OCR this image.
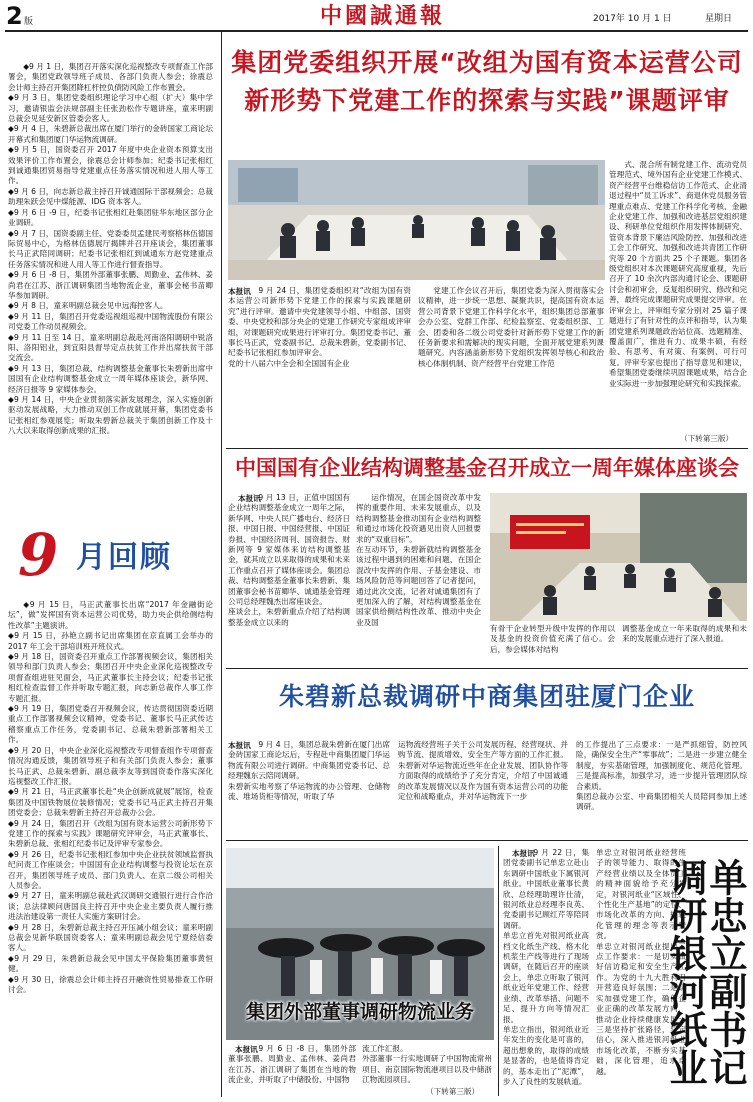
2 版	中國誠通報	2017年 10 月 1 日	星期日
◆9 月 1 日，集团召开落实深化巡视整改专项督查工作部署会，集团党政领导班子成员、各部门负责人参会；徐震总会计师主持召开集团降杠杆控负债防风险工作布置会。
◆9 月 3 日，集团党委组织理论学习中心组（扩大）集中学习，邀请银监会法规部副主任张劲松作专题讲座，童来明副总裁会见延安新区管委会客人。
◆9 月 4 日，朱碧新总裁出席在厦门举行的金砖国家工商论坛开幕式和集团厦门华运物流调研。
◆9 月 5 日，国资委召开 2017 年度中央企业资本预算支出效果评价工作布置会，徐震总会计师参加；纪委书记张相红到诚通集团贸易指导党建重点任务落实情况和进人用人等工作。
◆9 月 6 日，向志新总裁主持召开诚通国际干部视频会；总裁助理朱跃会见中煤能源、IDG 资本客人。
◆9 月 6 日 -9 日，纪委书记张相红赴集团驻华东地区部分企业调研。
◆9 月 7 日，国资委副主任、党委委员孟建民考察格林伍德国际贸易中心，为格林伍德展厅揭牌并召开座谈会，集团董事长马正武陪同调研；纪委书记张相红到诚通东方赵党建重点任务落实情况和进人用人等工作进行督查指导。
◆9 月 6 日 -8 日，集团外部董事张鹏、周勤业、孟伟林、姜尚君在江苏、浙江调研集团当地物流企业，董事会秘书苗卿华参加调研。
◆9 月 8 日，童来明副总裁会见中远海控客人。
◆9 月 11 日，集团召开党委巡视组巡视中国物流股份有限公司党委工作动员视频会。
◆9 月 11 日至 14 日，童来明副总裁赴河南洛阳调研中锐洛阳、洛阳铝业，到宜阳县督导定点扶贫工作并出席扶贫干部交流会。
◆9 月 13 日，集团总裁、结构调整基金董事长朱碧新出席中国国有企业结构调整基金成立一周年媒体座谈会，新华网、经济日报等 9 家媒体参会。
◆9 月 14 日，中央企业贯彻落实新发展理念，深入实施创新驱动发展战略，大力推动双创工作成就展开幕，集团党委书记张相红参观展览；听取朱碧新总裁关于集团创新工作及十八大以来取得创新成果的汇报。
9 月回顾
◆9 月 15 日，马正武董事长出席“2017 年金融街论坛”，做“发挥国有资本运营公司优势，助力央企供给侧结构性改革”主题演讲。
◆9 月 15 日，孙艳立副书记出席集团在京直属工会举办的 2017 年工会干部培训班开班仪式。
◆9 月 18 日，国资委召开重点工作部署视频会议，集团相关领导和部门负责人参会；集团召开中央企业深化巡视整改专项督查组进驻见面会，马正武董事长主持会议；纪委书记张相红检查监督工作并听取专题汇报，向志新总裁作人事工作专题汇报。
◆9 月 19 日，集团党委召开视频会议，传达贯彻国资委近期重点工作部署视频会议精神，党委书记、董事长马正武传达稽察重点工作任务，党委副书记、总裁朱碧新部署相关工作。
◆9 月 20 日，中央企业深化巡视整改专项督查组作专项督查情况沟通反馈，集团领导班子和有关部门负责人参会；董事长马正武、总裁朱碧新、副总裁李友等到国资委作落实深化巡视整改工作汇报。
◆9 月 21 日，马正武董事长赴“央企创新成就展”展馆，检查集团及中国铁物展位装修情况；党委书记马正武主持召开集团党委会；总裁朱碧新主持召开总裁办公会。
◆9 月 24 日，集团召开《改组为国有资本运营公司新形势下党建工作的探索与实践》课题研究评审会，马正武董事长、朱碧新总裁、张相红纪委书记及评审专家参会。
◆9 月 26 日，纪委书记张相红参加中央企业扶贫领域监督执纪问责工作座谈会；中国国有企业结构调整与投资论坛在京召开，集团领导班子成员、部门负责人、在京二级公司相关人员参会。
◆9 月 27 日，童来明副总裁赴武汉调研交通银行进行合作洽谈；总法律顾问唐国良主持召开中央企业主要负责人履行推进法治建设第一责任人实施方案研讨会。
◆9 月 28 日，朱碧新总裁主持召开压减小组会议；童来明副总裁会见新华联国资委客人；童来明副总裁会见宁夏经信委客人。
◆9 月 29 日，朱碧新总裁会见中国太平保险集团董事黄恒健。
◆9 月 30 日，徐震总会计师主持召开融资性贸易排查工作研讨会。
集团党委组织开展“改组为国有资本运营公司
新形势下党建工作的探索与实践”课题评审
式、混合所有制党建工作、流动党员管理范式、境外国有企业党建工作模式、资产经营平台维稳信访工作范式、企业清退过程中“员工诉求”、商退休党员服务管理重点难点、党建工作科学化考核、金融企业党建工作、加强和改进基层党组织建设、利研单位党组织作用发挥体制研究、管资本背景下廉洁风险防控、加强和改进工会工作研究、加强和改进共青团工作研究等 20 个方面共 25 个子课题。集团各级党组织对本次课题研究高度重视，先后召开了 10 余次内部沟通讨论会、课题研讨会和初审会，反复组织研究、修改和完善，最终完成课题研究成果提交评审。在评审会上，评审组专家分别对 25 篇子课题进行了有针对性的点评和指导，认为集团党建系列课题政治站位高、选题精准、覆盖面广，推进有力、成果丰硕，有经验、有思考、有对策、有案例、可行可复。评审专家也提出了指导意见和建议，希望集团党委继续巩固课题成果，结合企业实际进一步加强理论研究和实践探索。
（下转第三版）
本报讯	9 月 24 日，集团党委组织对“改组为国有资本运营公司新形势下党建工作的探索与实践课题研究”进行评审。邀请中央党建领导小组、中组部、国资委、中央党校和部分央企的党建工作研究专家组成评审组，对课题研究成果进行评审打分。集团党委书记、董事长马正武，党委副书记、总裁朱碧新，党委副书记、纪委书记张相红参加评审会。
党的十八届六中全会和全国国有企业
党建工作会议召开后，集团党委为深入贯彻落实会议精神，进一步统一思想、凝聚共识，提高国有资本运营公司背景下党建工作科学化水平，组织集团总部董事会办公室、党群工作部、纪检监察室、党委组织部、工会、团委和各二级公司党委针对新形势下党建工作的新任务新要求和需解决的现实问题，全面开展党建系列课题研究。内容涵盖新形势下党组织发挥领导核心和政治核心体制机制、资产经营平台党建工作范
中国国有企业结构调整基金召开成立一周年媒体座谈会
本报讯
9 月 13 日，正值中国国有企业结构调整基金成立一周年之际，新华网、中央人民广播电台、经济日报、中国日报、中国经营报、中国证券报、中国经济周刊、国资报告、财新网等 9 家媒体来访结构调整基金，就其成立以来取得的成果和未来工作重点召开了媒体座谈会。集团总裁、结构调整基金董事长朱碧新、集团董事会秘书苗卿华、诚通基金管理公司总经理魏杰出席座谈会。
座谈会上，朱碧新重点介绍了结构调整基金成立以来的
运作情况，在国企国资改革中发挥的重要作用、未来发展重点，以及结构调整基金推动国有企业结构调整和通过市场化投资遇见出资人回报要求的“双重目标”。
在互动环节，朱碧新就结构调整基金该过程中遇到的困难和问题、在国企混改中发挥的作用、子基金建设、市场风险防范等问题回答了记者提问，通过此次交流，记者对诚通集团有了更加深入的了解，对结构调整基金在国家供给侧结构性改革、推动中央企业及国
有骨干企业转型升级中发挥的作用以及基金的投资价值充满了信心。会后，参会媒体对结构
调整基金成立一年来取得的成果和未来的发展重点进行了深入报道。
朱碧新总裁调研中商集团驻厦门企业
本报讯	9 月 4 日，集团总裁朱碧新在厦门出席金砖国家工商论坛后，专程赴中商集团厦门华运物流有限公司进行调研。中商集团党委书记、总经理魏东云陪同调研。
朱碧新实地考察了华运物流的办公管理、仓储物流、堆场货柜等情况，听取了华
运物流经营班子关于公司发展历程、经营现状、并购节流、提质增效、安全生产等方面的工作汇报。朱碧新对华运物流近些年在企业发展、团队协作等方面取得的成绩给予了充分肯定，介绍了中国诚通的改革发展情况以及作为国有资本运营公司的功能定位和战略重点，并对华运物流下一步
的工作提出了三点要求：一是严抓细管，防控风险，确保安全生产“零事故”；二是进一步建立健全制度，夯实基础管理，加强制度化、规范化管理。三是提高标准，加强学习，进一步提升管理团队综合素质。
集团总裁办公室、中商集团相关人员陪同参加上述调研。
集团外部董事调研物流业务
本报讯 9 月 6 日 -8 日，集团外部董事张鹏、周勤业、孟伟林、姜尚君在江苏、浙江调研了集团在当地的物流企业，并听取了中储股份、中国物
流工作汇报。
外部董事一行实地调研了中国物流常州项目、南京国际物流港项目以及中储浙江物流园项目。
（下转第三版）
本报讯
9 月 22 日，集团党委副书记单忠立赴山东调研中国纸业下属银河纸业。中国纸业董事长黄欣、总经理助理许仕清，银河纸业总经理李良英、党委副书记顾红芹等陪同调研。
单忠立首先对银河纸业高档文化纸生产线、格木化机浆生产线等进行了现场调研，在随后召开的座谈会上，单忠立听取了银河纸业近年党建工作、经营业绩、改革举措、问题不足、提升方向等情况汇报。
单忠立指出，银河纸业近年发生的变化是可喜的，超出想象的，取得的成绩是显著的，也是值得肯定的，基本走出了“泥潭”，步入了良性的发展轨道。
单忠立对银河纸业经营班子的领导能力、取得的生产经营业绩以及全体员工的精神面貌给予充分肯定，对银河纸业“区域性、个性化生产基地”的定位、市场化改革的方向、规较化管理的理念等表示赞赏。
单忠立对银河纸业提出三点工作要求：一是切实做好信访稳定和安全生产工作。为党的十九大胜利召开营造良好氛围；二是切实加强党建工作，确保企业正确的改革发展方向，推动企业持续健康发展；三是坚持扩张路径，坚定信心，深入推进银河纸业市场化改革，不断夯实基础，深化管理，追求卓越。	单忠立副书记调研银河纸业
